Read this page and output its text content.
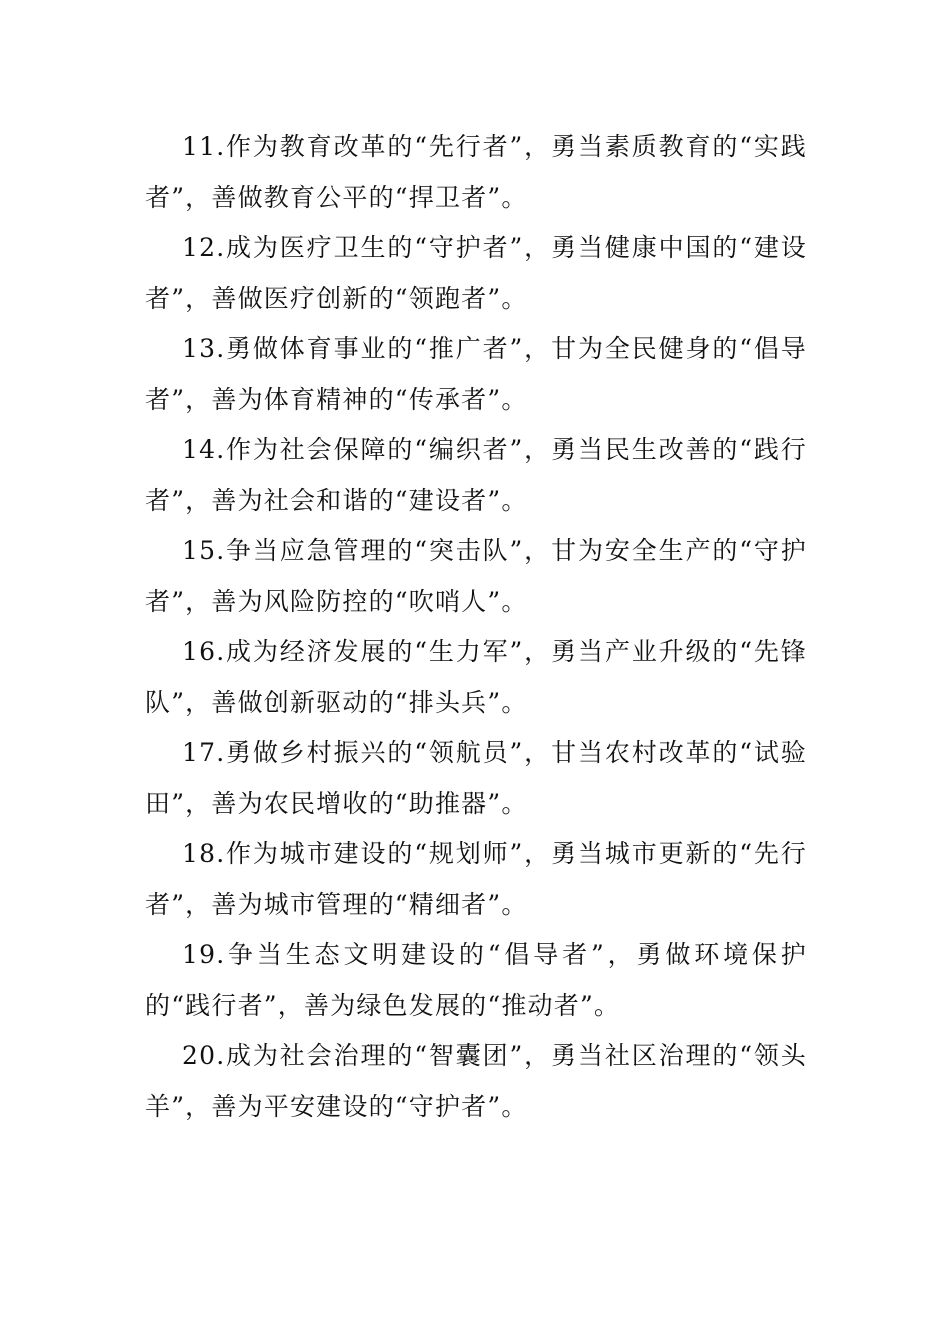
11.作为教育改革的“先行者”，勇当素质教育的“实践者”，善做教育公平的“捍卫者”。

12.成为医疗卫生的“守护者”，勇当健康中国的“建设者”，善做医疗创新的“领跑者”。

13.勇做体育事业的“推广者”，甘为全民健身的“倡导者”，善为体育精神的“传承者”。

14.作为社会保障的“编织者”，勇当民生改善的“践行者”，善为社会和谐的“建设者”。

15.争当应急管理的“突击队”，甘为安全生产的“守护者”，善为风险防控的“吹哨人”。

16.成为经济发展的“生力军”，勇当产业升级的“先锋队”，善做创新驱动的“排头兵”。

17.勇做乡村振兴的“领航员”，甘当农村改革的“试验田”，善为农民增收的“助推器”。

18.作为城市建设的“规划师”，勇当城市更新的“先行者”，善为城市管理的“精细者”。

19.争当生态文明建设的“倡导者”，勇做环境保护的“践行者”，善为绿色发展的“推动者”。

20.成为社会治理的“智囊团”，勇当社区治理的“领头羊”，善为平安建设的“守护者”。
